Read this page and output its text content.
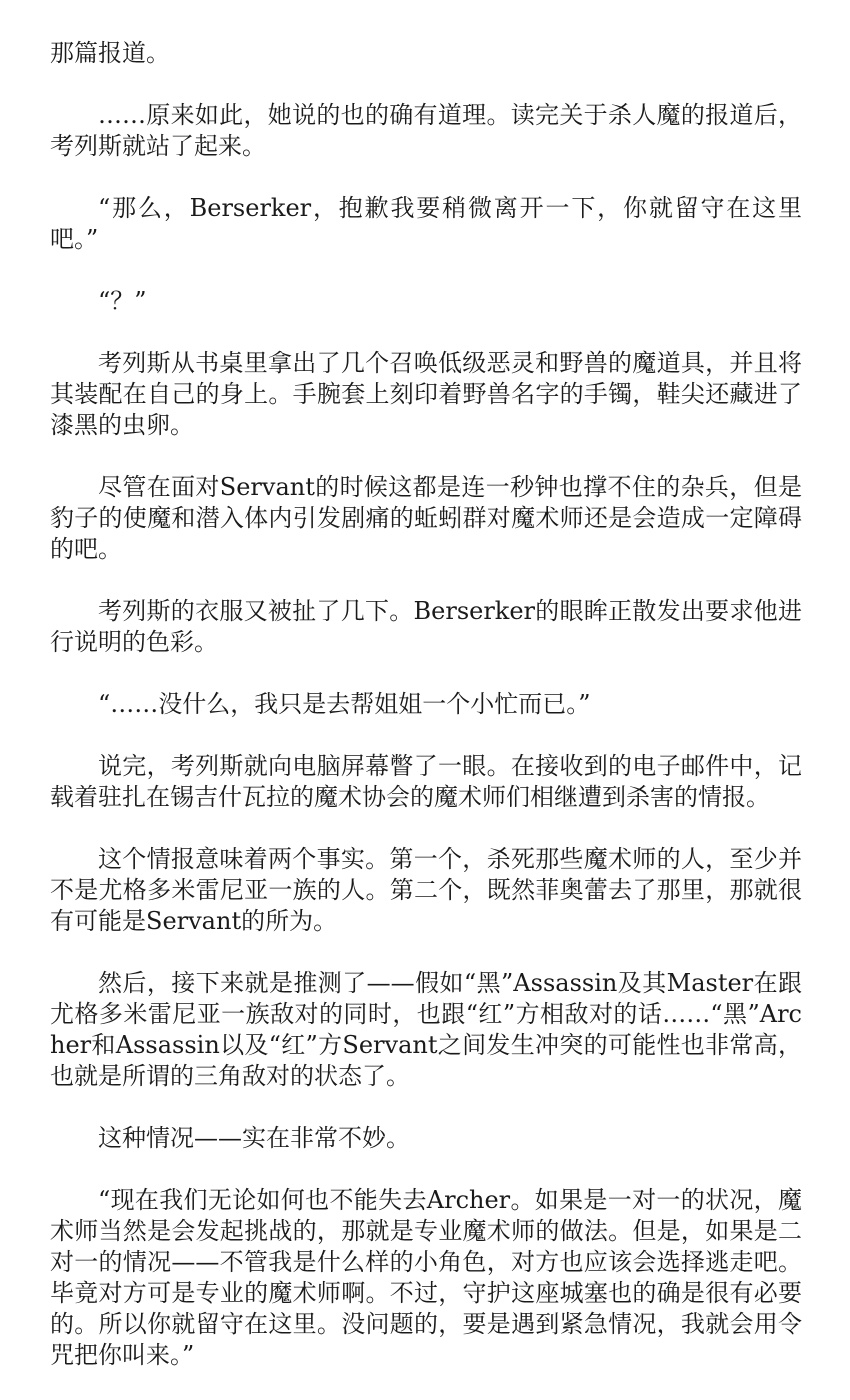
那篇报道。

……原来如此，她说的也的确有道理。读完关于杀人魔的报道后，考列斯就站了起来。

“那么，Berserker，抱歉我要稍微离开一下，你就留守在这里吧。”

“？”

考列斯从书桌里拿出了几个召唤低级恶灵和野兽的魔道具，并且将其装配在自己的身上。手腕套上刻印着野兽名字的手镯，鞋尖还藏进了漆黑的虫卵。

尽管在面对Servant的时候这都是连一秒钟也撑不住的杂兵，但是豹子的使魔和潜入体内引发剧痛的蚯蚓群对魔术师还是会造成一定障碍的吧。

考列斯的衣服又被扯了几下。Berserker的眼眸正散发出要求他进行说明的色彩。

“……没什么，我只是去帮姐姐一个小忙而已。”

说完，考列斯就向电脑屏幕瞥了一眼。在接收到的电子邮件中，记载着驻扎在锡吉什瓦拉的魔术协会的魔术师们相继遭到杀害的情报。

这个情报意味着两个事实。第一个，杀死那些魔术师的人，至少并不是尤格多米雷尼亚一族的人。第二个，既然菲奥蕾去了那里，那就很有可能是Servant的所为。

然后，接下来就是推测了——假如“黑”Assassin及其Master在跟尤格多米雷尼亚一族敌对的同时，也跟“红”方相敌对的话……“黑”Archer和Assassin以及“红”方Servant之间发生冲突的可能性也非常高，也就是所谓的三角敌对的状态了。

这种情况——实在非常不妙。

“现在我们无论如何也不能失去Archer。如果是一对一的状况，魔术师当然是会发起挑战的，那就是专业魔术师的做法。但是，如果是二对一的情况——不管我是什么样的小角色，对方也应该会选择逃走吧。毕竟对方可是专业的魔术师啊。不过，守护这座城塞也的确是很有必要的。所以你就留守在这里。没问题的，要是遇到紧急情况，我就会用令咒把你叫来。”
